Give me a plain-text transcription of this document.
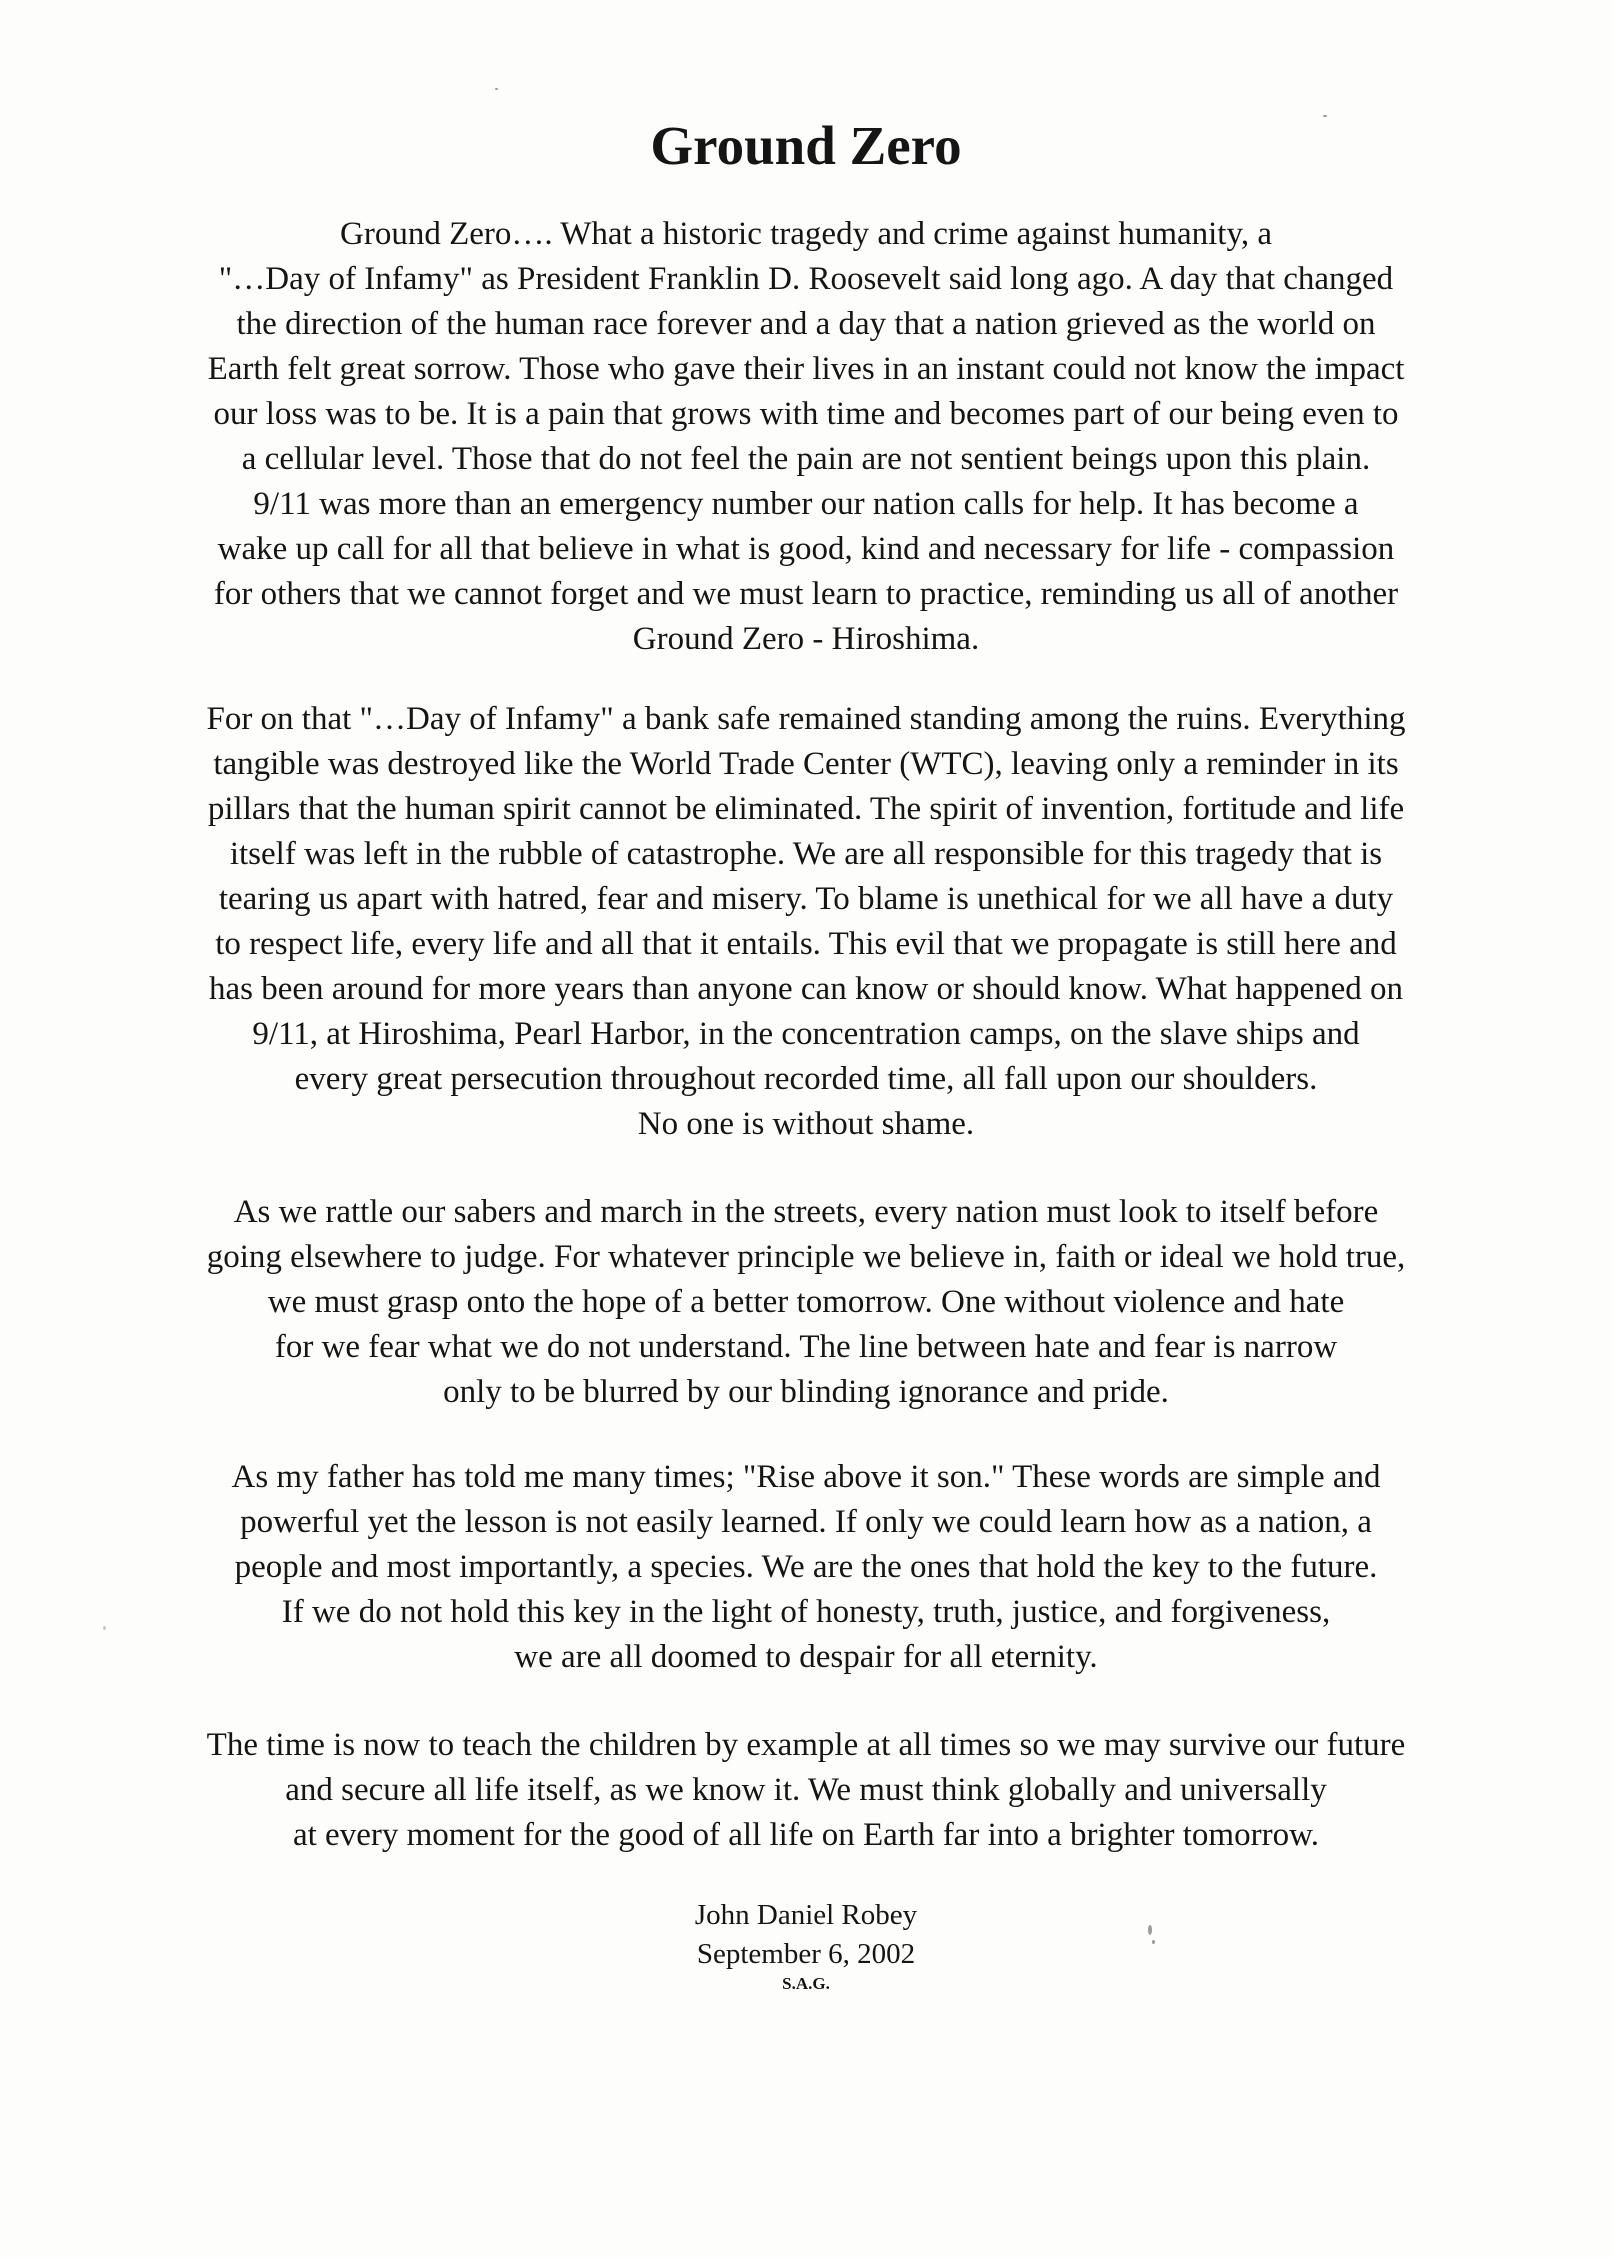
Ground Zero

Ground Zero…. What a historic tragedy and crime against humanity, a
"…Day of Infamy" as President Franklin D. Roosevelt said long ago. A day that changed
the direction of the human race forever and a day that a nation grieved as the world on
Earth felt great sorrow. Those who gave their lives in an instant could not know the impact
our loss was to be. It is a pain that grows with time and becomes part of our being even to
a cellular level. Those that do not feel the pain are not sentient beings upon this plain.
9/11 was more than an emergency number our nation calls for help. It has become a
wake up call for all that believe in what is good, kind and necessary for life - compassion
for others that we cannot forget and we must learn to practice, reminding us all of another
Ground Zero - Hiroshima.

For on that "…Day of Infamy" a bank safe remained standing among the ruins. Everything
tangible was destroyed like the World Trade Center (WTC), leaving only a reminder in its
pillars that the human spirit cannot be eliminated. The spirit of invention, fortitude and life
itself was left in the rubble of catastrophe. We are all responsible for this tragedy that is
tearing us apart with hatred, fear and misery. To blame is unethical for we all have a duty
to respect life, every life and all that it entails. This evil that we propagate is still here and
has been around for more years than anyone can know or should know. What happened on
9/11, at Hiroshima, Pearl Harbor, in the concentration camps, on the slave ships and
every great persecution throughout recorded time, all fall upon our shoulders.
No one is without shame.

As we rattle our sabers and march in the streets, every nation must look to itself before
going elsewhere to judge. For whatever principle we believe in, faith or ideal we hold true,
we must grasp onto the hope of a better tomorrow. One without violence and hate
for we fear what we do not understand. The line between hate and fear is narrow
only to be blurred by our blinding ignorance and pride.

As my father has told me many times; "Rise above it son." These words are simple and
powerful yet the lesson is not easily learned. If only we could learn how as a nation, a
people and most importantly, a species. We are the ones that hold the key to the future.
If we do not hold this key in the light of honesty, truth, justice, and forgiveness,
we are all doomed to despair for all eternity.

The time is now to teach the children by example at all times so we may survive our future
and secure all life itself, as we know it. We must think globally and universally
at every moment for the good of all life on Earth far into a brighter tomorrow.

John Daniel Robey

September 6, 2002

S.A.G.
